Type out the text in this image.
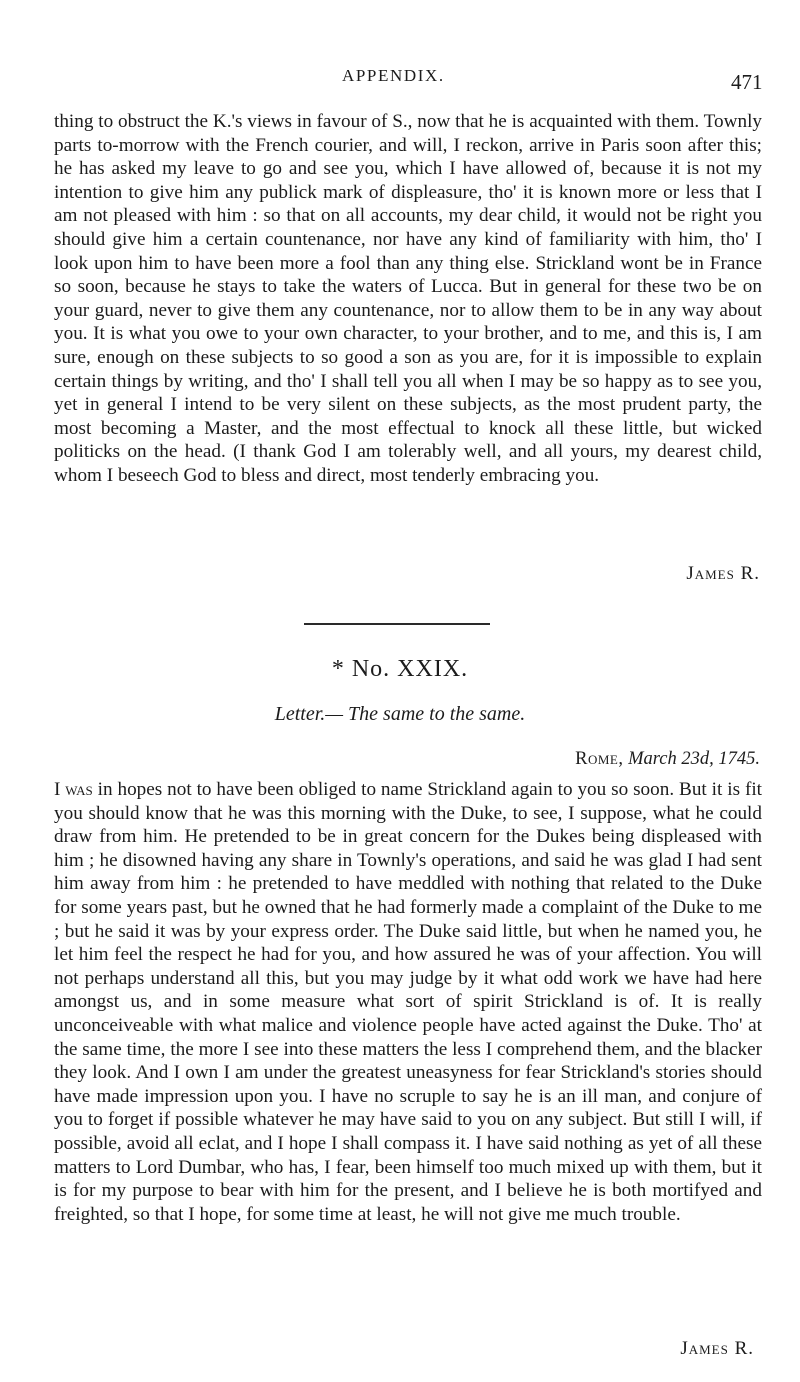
APPENDIX.	471

thing to obstruct the K.'s views in favour of S., now that he is acquainted with them. Townly parts to-morrow with the French courier, and will, I reckon, arrive in Paris soon after this; he has asked my leave to go and see you, which I have allowed of, because it is not my intention to give him any publick mark of displeasure, tho' it is known more or less that I am not pleased with him : so that on all accounts, my dear child, it would not be right you should give him a certain countenance, nor have any kind of familiarity with him, tho' I look upon him to have been more a fool than any thing else. Strickland wont be in France so soon, because he stays to take the waters of Lucca. But in general for these two be on your guard, never to give them any countenance, nor to allow them to be in any way about you. It is what you owe to your own character, to your brother, and to me, and this is, I am sure, enough on these subjects to so good a son as you are, for it is impossible to explain certain things by writing, and tho' I shall tell you all when I may be so happy as to see you, yet in general I intend to be very silent on these subjects, as the most prudent party, the most becoming a Master, and the most effectual to knock all these little, but wicked politicks on the head. (I thank God I am tolerably well, and all yours, my dearest child, whom I beseech God to bless and direct, most tenderly embracing you.

James R.
* No. XXIX.
Letter.— The same to the same.
Rome, March 23d, 1745.

I was in hopes not to have been obliged to name Strickland again to you so soon. But it is fit you should know that he was this morning with the Duke, to see, I suppose, what he could draw from him. He pretended to be in great concern for the Dukes being displeased with him ; he disowned having any share in Townly's operations, and said he was glad I had sent him away from him : he pretended to have meddled with nothing that related to the Duke for some years past, but he owned that he had formerly made a complaint of the Duke to me ; but he said it was by your express order. The Duke said little, but when he named you, he let him feel the respect he had for you, and how assured he was of your affection. You will not perhaps understand all this, but you may judge by it what odd work we have had here amongst us, and in some measure what sort of spirit Strickland is of. It is really unconceiveable with what malice and violence people have acted against the Duke. Tho' at the same time, the more I see into these matters the less I comprehend them, and the blacker they look. And I own I am under the greatest uneasyness for fear Strickland's stories should have made impression upon you. I have no scruple to say he is an ill man, and conjure of you to forget if possible whatever he may have said to you on any subject. But still I will, if possible, avoid all eclat, and I hope I shall compass it. I have said nothing as yet of all these matters to Lord Dumbar, who has, I fear, been himself too much mixed up with them, but it is for my purpose to bear with him for the present, and I believe he is both mortifyed and freighted, so that I hope, for some time at least, he will not give me much trouble.

James R.
